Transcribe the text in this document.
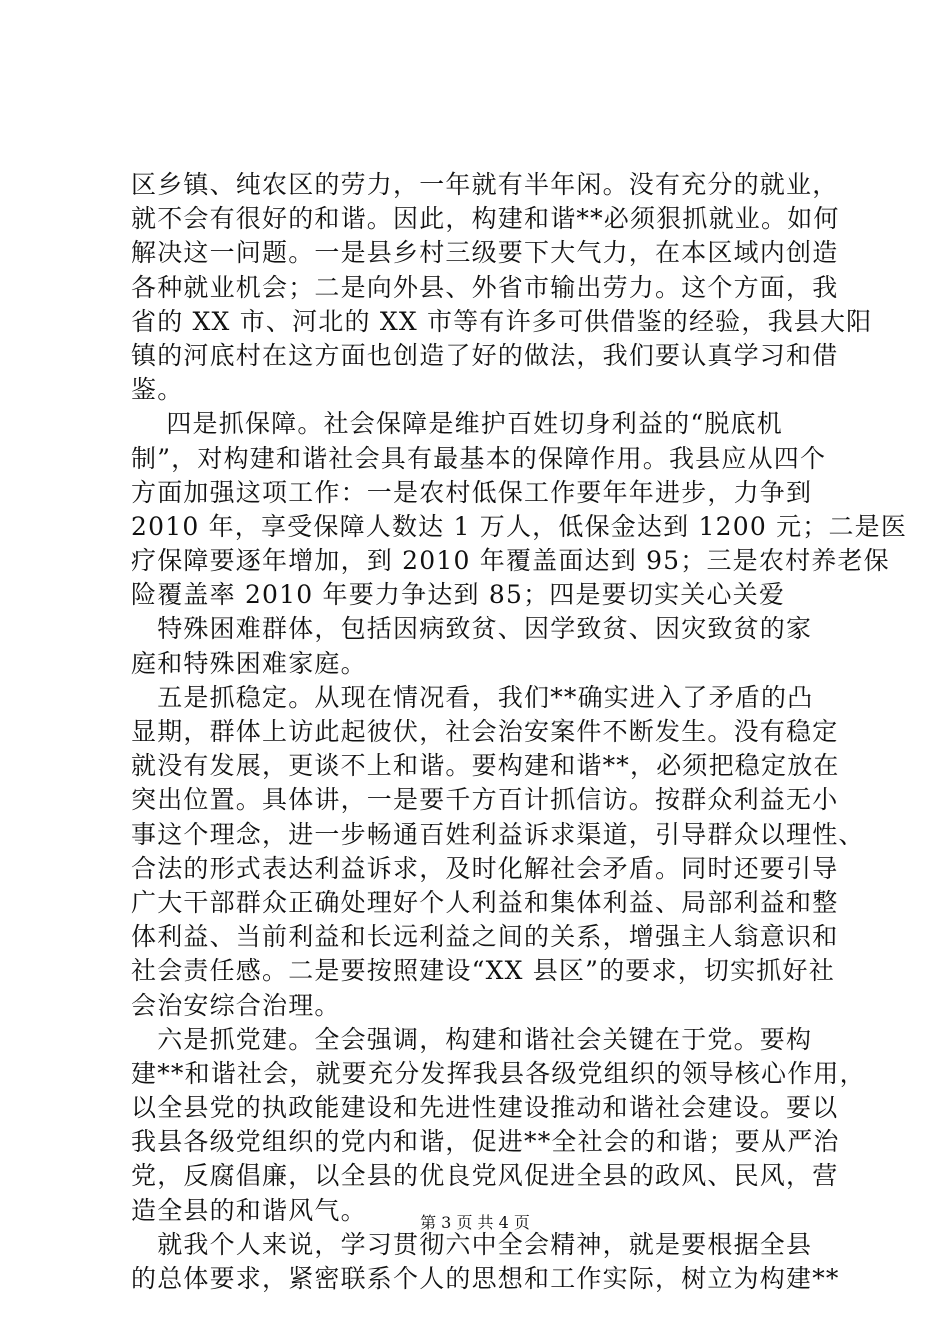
区乡镇、纯农区的劳力，一年就有半年闲。没有充分的就业，
就不会有很好的和谐。因此，构建和谐**必须狠抓就业。如何
解决这一问题。一是县乡村三级要下大气力，在本区域内创造
各种就业机会；二是向外县、外省市输出劳力。这个方面，我
省的 XX 市、河北的 XX 市等有许多可供借鉴的经验，我县大阳
镇的河底村在这方面也创造了好的做法，我们要认真学习和借
鉴。
　 四是抓保障。社会保障是维护百姓切身利益的“脱底机
制”，对构建和谐社会具有最基本的保障作用。我县应从四个
方面加强这项工作：一是农村低保工作要年年进步，力争到
2010 年，享受保障人数达 1 万人，低保金达到 1200 元；二是医
疗保障要逐年增加，到 2010 年覆盖面达到 95；三是农村养老保
险覆盖率 2010 年要力争达到 85；四是要切实关心关爱
　特殊困难群体，包括因病致贫、因学致贫、因灾致贫的家
庭和特殊困难家庭。
　五是抓稳定。从现在情况看，我们**确实进入了矛盾的凸
显期，群体上访此起彼伏，社会治安案件不断发生。没有稳定
就没有发展，更谈不上和谐。要构建和谐**，必须把稳定放在
突出位置。具体讲，一是要千方百计抓信访。按群众利益无小
事这个理念，进一步畅通百姓利益诉求渠道，引导群众以理性、
合法的形式表达利益诉求，及时化解社会矛盾。同时还要引导
广大干部群众正确处理好个人利益和集体利益、局部利益和整
体利益、当前利益和长远利益之间的关系，增强主人翁意识和
社会责任感。二是要按照建设“XX 县区”的要求，切实抓好社
会治安综合治理。
　六是抓党建。全会强调，构建和谐社会关键在于党。要构
建**和谐社会，就要充分发挥我县各级党组织的领导核心作用，
以全县党的执政能建设和先进性建设推动和谐社会建设。要以
我县各级党组织的党内和谐，促进**全社会的和谐；要从严治
党，反腐倡廉，以全县的优良党风促进全县的政风、民风，营
造全县的和谐风气。
　就我个人来说，学习贯彻六中全会精神，就是要根据全县
的总体要求，紧密联系个人的思想和工作实际，树立为构建**
第 3 页 共 4 页
